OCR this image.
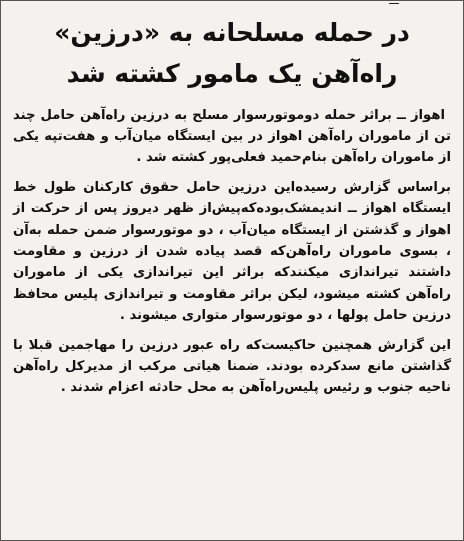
در حمله مسلحانه به «درزین»
راه‌آهن یک مامور کشته شد

اهواز ــ براثر حمله دوموتورسوار مسلح به درزین راه‌آهن حامل چند تن از ماموران راه‌آهن اهواز در بین ایستگاه میان‌آب و هفت‌تپه یکی از ماموران راه‌آهن بنام‌حمید فعلی‌پور کشته شد .

براساس گزارش رسیده‌این درزین حامل حقوق کارکنان طول خط ایستگاه اهواز ــ اندیمشک‌بوده‌که‌پیش‌از ظهر دیروز پس از حرکت از اهواز و گذشتن از ایستگاه میان‌آب ، دو موتورسوار ضمن حمله به‌آن ، بسوی ماموران راه‌آهن‌که قصد پیاده شدن از درزین و مقاومت داشتند تیراندازی میکنندکه براثر این تیراندازی یکی از ماموران راه‌آهن کشته میشود، لیکن براثر مقاومت و تیراندازی پلیس محافظ درزین حامل پولها ، دو موتورسوار متواری میشوند .

این گزارش همچنین حاکیست‌که راه عبور درزین را مهاجمین قبلا با گذاشتن مانع سدکرده بودند. ضمنا هیاتی مرکب از مدیرکل راه‌آهن ناحیه جنوب و رئیس پلیس‌راه‌آهن به محل حادثه اعزام شدند .
